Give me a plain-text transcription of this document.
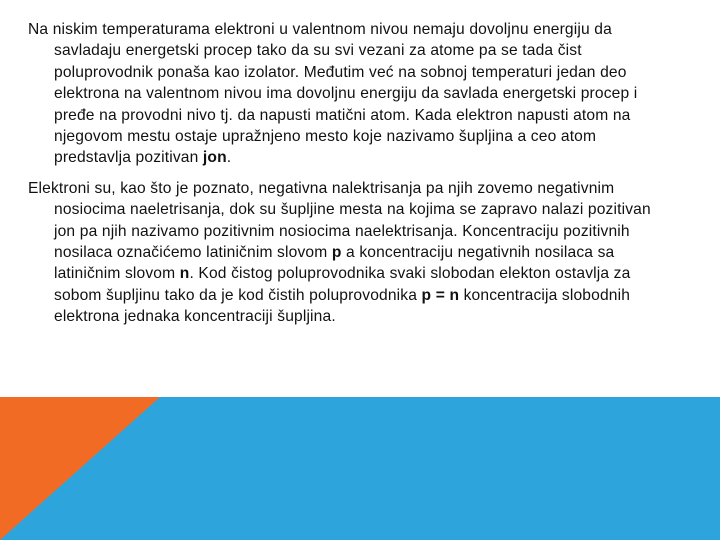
Na niskim temperaturama elektroni u valentnom nivou nemaju dovoljnu energiju da savladaju energetski procep tako da su svi vezani za atome pa se tada čist poluprovodnik ponaša kao izolator. Međutim već na sobnoj temperaturi jedan deo elektrona na valentnom nivou ima dovoljnu energiju da savlada energetski procep i pređe na provodni nivo tj. da napusti matični atom. Kada elektron napusti atom na njegovom mestu ostaje upražnjeno mesto koje nazivamo šupljina a ceo atom predstavlja pozitivan jon.

Elektroni su, kao što je poznato, negativna nalektrisanja pa njih zovemo negativnim nosiocima naeletrisanja, dok su šupljine mesta na kojima se zapravo nalazi pozitivan jon pa njih nazivamo pozitivnim nosiocima naelektrisanja. Koncentraciju pozitivnih nosilaca označićemo latiničnim slovom p a koncentraciju negativnih nosilaca sa latiničnim slovom n. Kod čistog poluprovodnika svaki slobodan elekton ostavlja za sobom šupljinu tako da je kod čistih poluprovodnika p = n koncentracija slobodnih elektrona jednaka koncentraciji šupljina.
